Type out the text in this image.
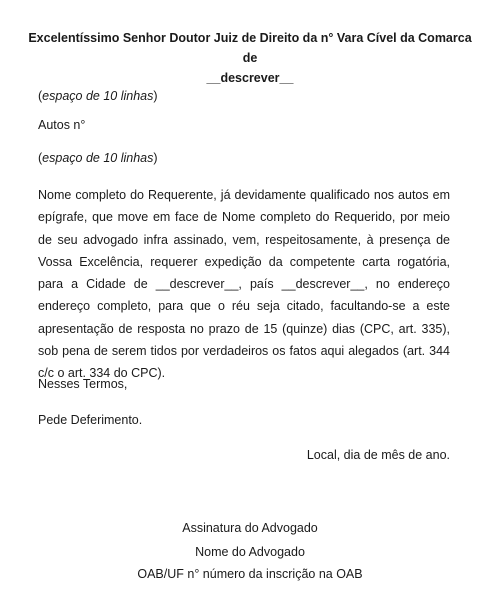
Excelentíssimo Senhor Doutor Juiz de Direito da n° Vara Cível da Comarca de
__descrever__

(espaço de 10 linhas)

Autos n°

(espaço de 10 linhas)

Nome completo do Requerente, já devidamente qualificado nos autos em epígrafe, que move em face de Nome completo do Requerido, por meio de seu advogado infra assinado, vem, respeitosamente, à presença de Vossa Excelência, requerer expedição da competente carta rogatória, para a Cidade de __descrever__, país __descrever__, no endereço endereço completo, para que o réu seja citado, facultando-se a este apresentação de resposta no prazo de 15 (quinze) dias (CPC, art. 335), sob pena de serem tidos por verdadeiros os fatos aqui alegados (art. 344 c/c o art. 334 do CPC).

Nesses Termos,

Pede Deferimento.

Local, dia de mês de ano.
Assinatura do Advogado
Nome do Advogado
OAB/UF n° número da inscrição na OAB
